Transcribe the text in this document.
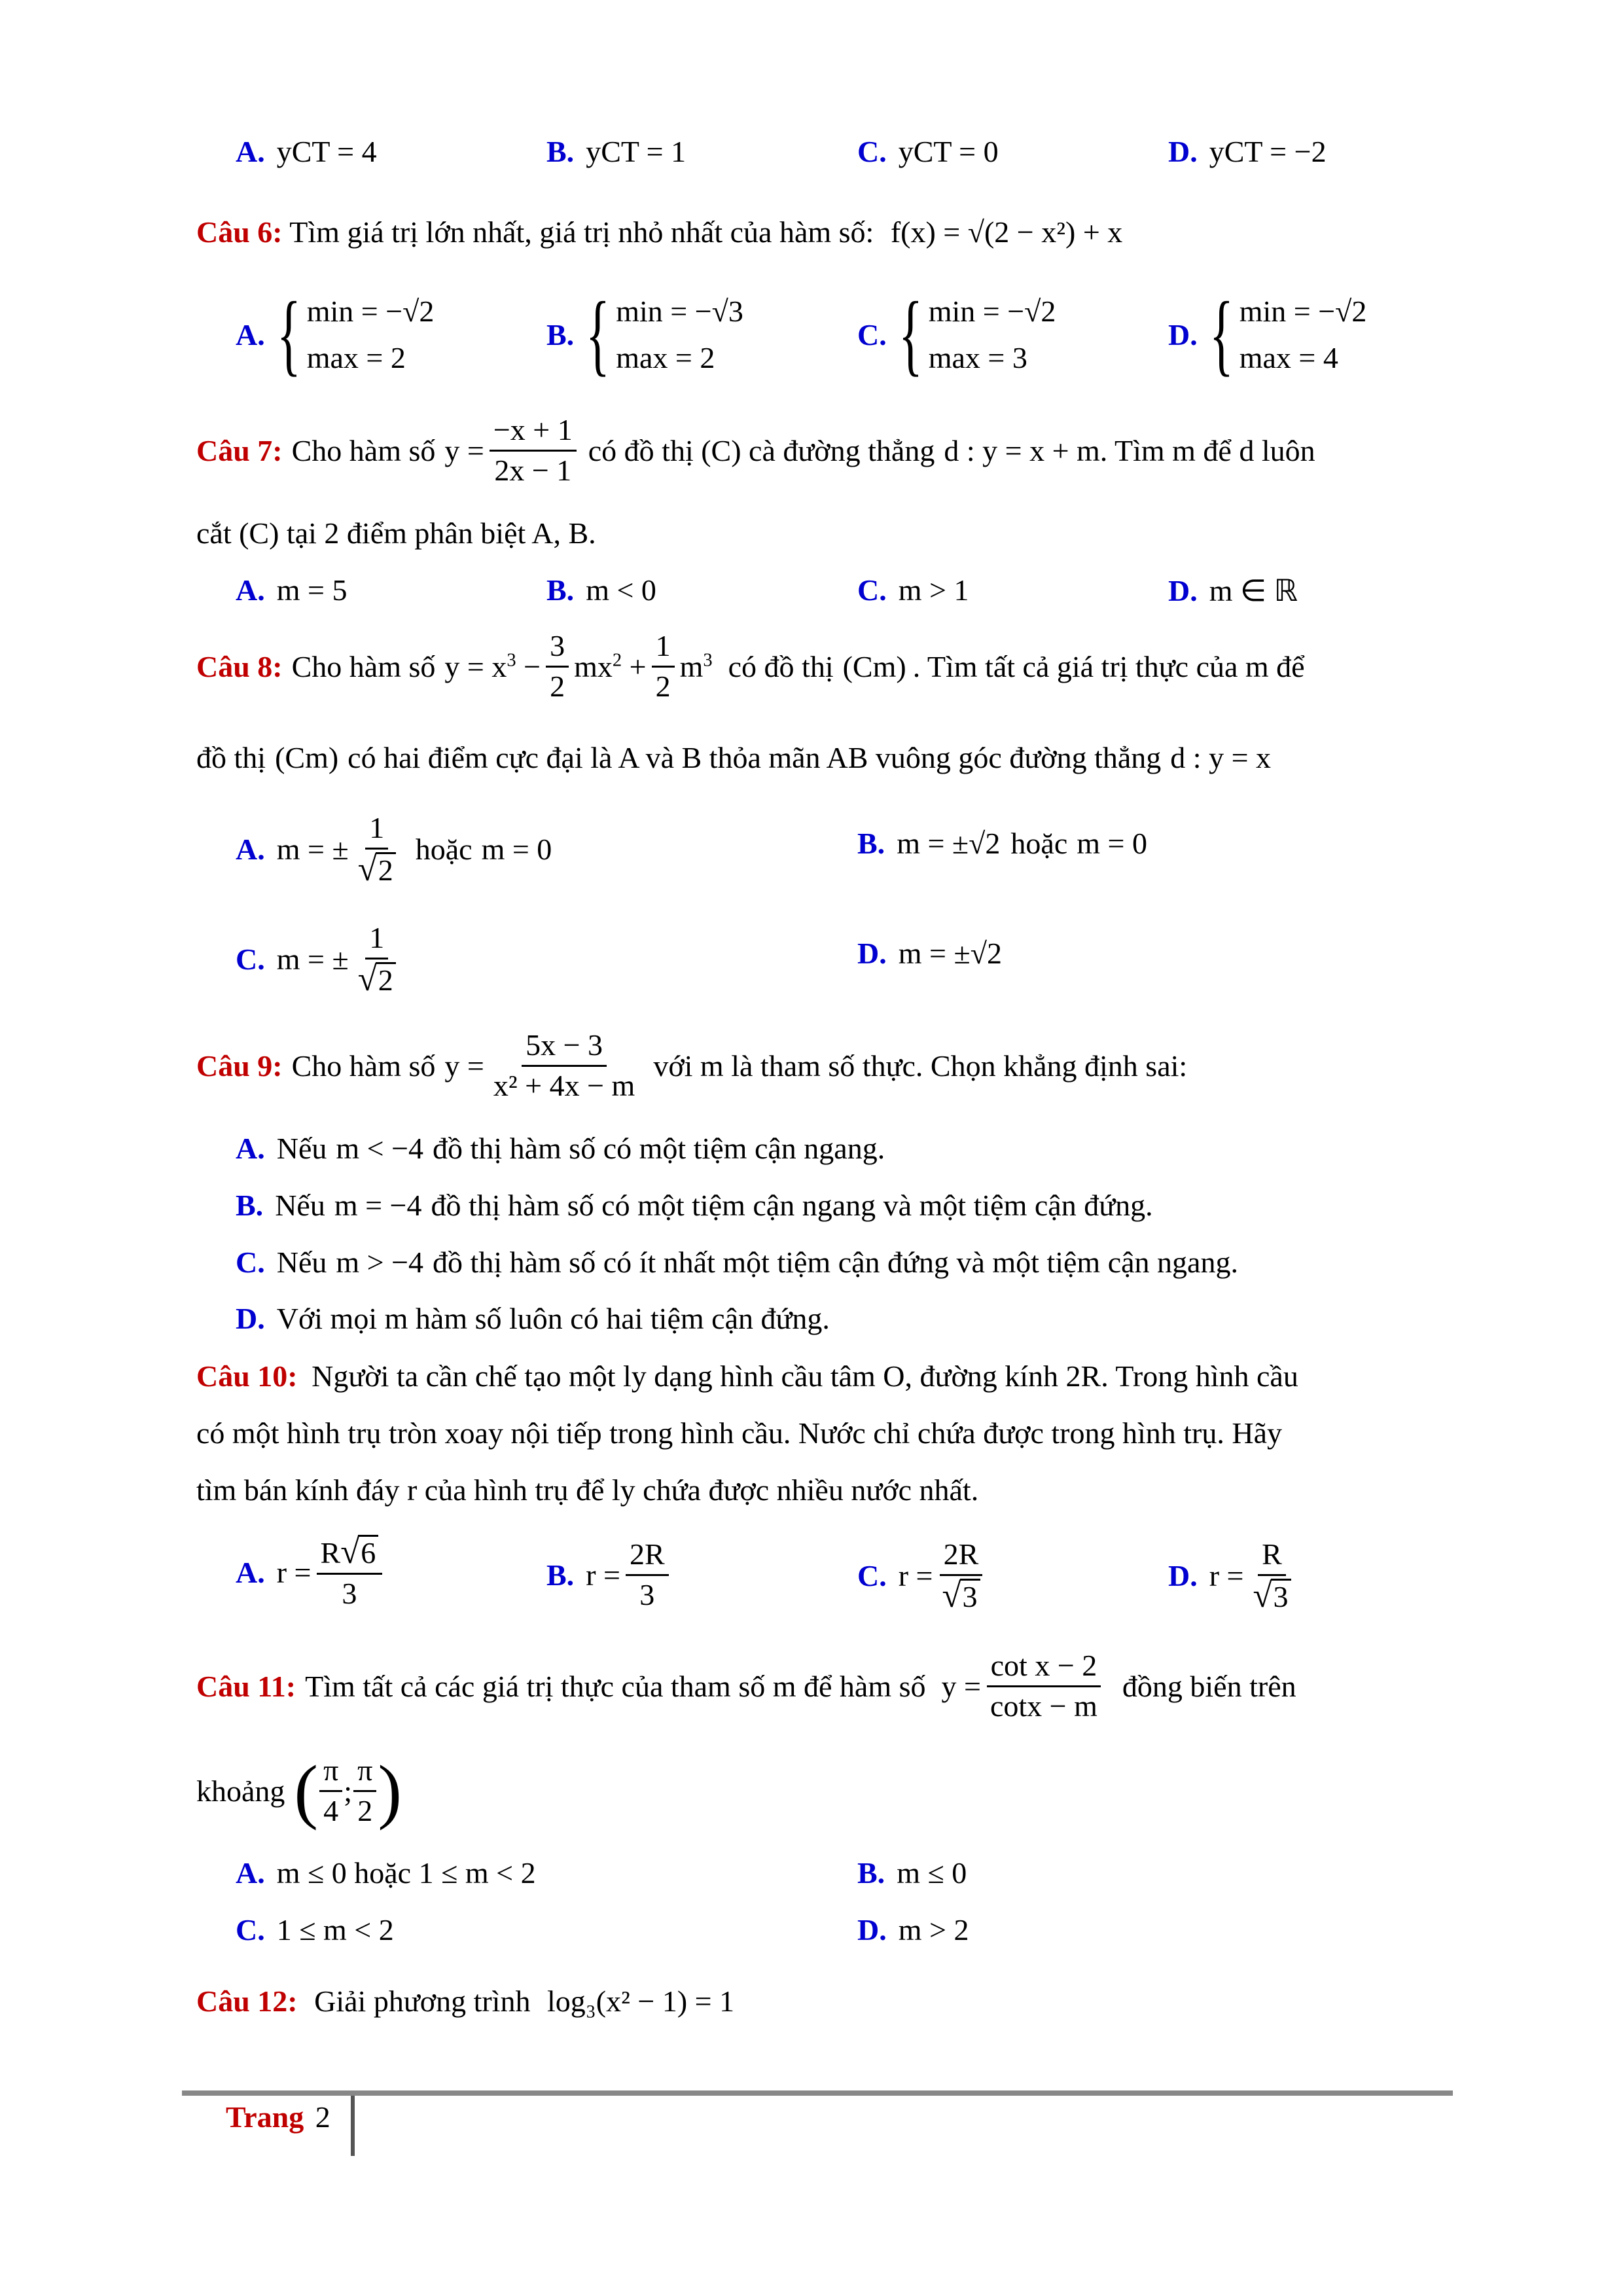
A. yCT = 4	B. yCT = 1	C. yCT = 0	D. yCT = −2
Câu 6: Tìm giá trị lớn nhất, giá trị nhỏ nhất của hàm số: f(x) = √(2 − x²) + x
A. { min = −√2
max = 2
B. { min = −√3
max = 2
C. { min = −√2
max = 3
D. { min = −√2
max = 4
Câu 7: Cho hàm số $y = \frac{-x + 1}{2x - 1}$ có đồ thị (C) cà đường thẳng d : y = x + m . Tìm m để d luôn
cắt (C) tại 2 điểm phân biệt A, B.
A. m = 5	B. m < 0	C. m > 1	D. m ∈ ℝ
Câu 8: Cho hàm số $y = x^3 - \frac{3}{2} mx^2 + \frac{1}{2} m^3$ có đồ thị (Cm) . Tìm tất cả giá trị thực của m để
đồ thị (Cm) có hai điểm cực đại là A và B thỏa mãn AB vuông góc đường thẳng d : y = x
A. m = ± $\frac{1}{√ 2}$ hoặc m = 0	B. m = ±√2 hoặc m = 0
C. m = ± $\frac{1}{√ 2}$	D. m = ±√2
Câu 9: Cho hàm số $y = \frac{5x - 3}{\text{x² + 4x − m}}$ với m là tham số thực. Chọn khẳng định sai:
A. Nếu m < −4 đồ thị hàm số có một tiệm cận ngang.
B. Nếu m = −4 đồ thị hàm số có một tiệm cận ngang và một tiệm cận đứng.
C. Nếu m > −4 đồ thị hàm số có ít nhất một tiệm cận đứng và một tiệm cận ngang.
D. Với mọi m hàm số luôn có hai tiệm cận đứng.
Câu 10: Người ta cần chế tạo một ly dạng hình cầu tâm O, đường kính 2R. Trong hình cầu
có một hình trụ tròn xoay nội tiếp trong hình cầu. Nước chỉ chứa được trong hình trụ. Hãy
tìm bán kính đáy r của hình trụ để ly chứa được nhiều nước nhất.
A. $r = \frac{R √ 6}{3}$	B. $r = \frac{2R}{3}$	C. $r = \frac{2R}{√ 3}$	D. $r = \frac{R}{√ 3}$
Câu 11: Tìm tất cả các giá trị thực của tham số m để hàm số $y = \frac{\text{cot x − 2}}{\cot x - m}$ đồng biến trên
khoảng ( $\frac{\pi}{4}$ ; $\frac{\pi}{2}$ )
A. m ≤ 0 hoặc 1 ≤ m < 2	B. m ≤ 0
C. 1 ≤ m < 2	D. m > 2
Câu 12: Giải phương trình log₃(x² − 1) = 1
Trang 2
